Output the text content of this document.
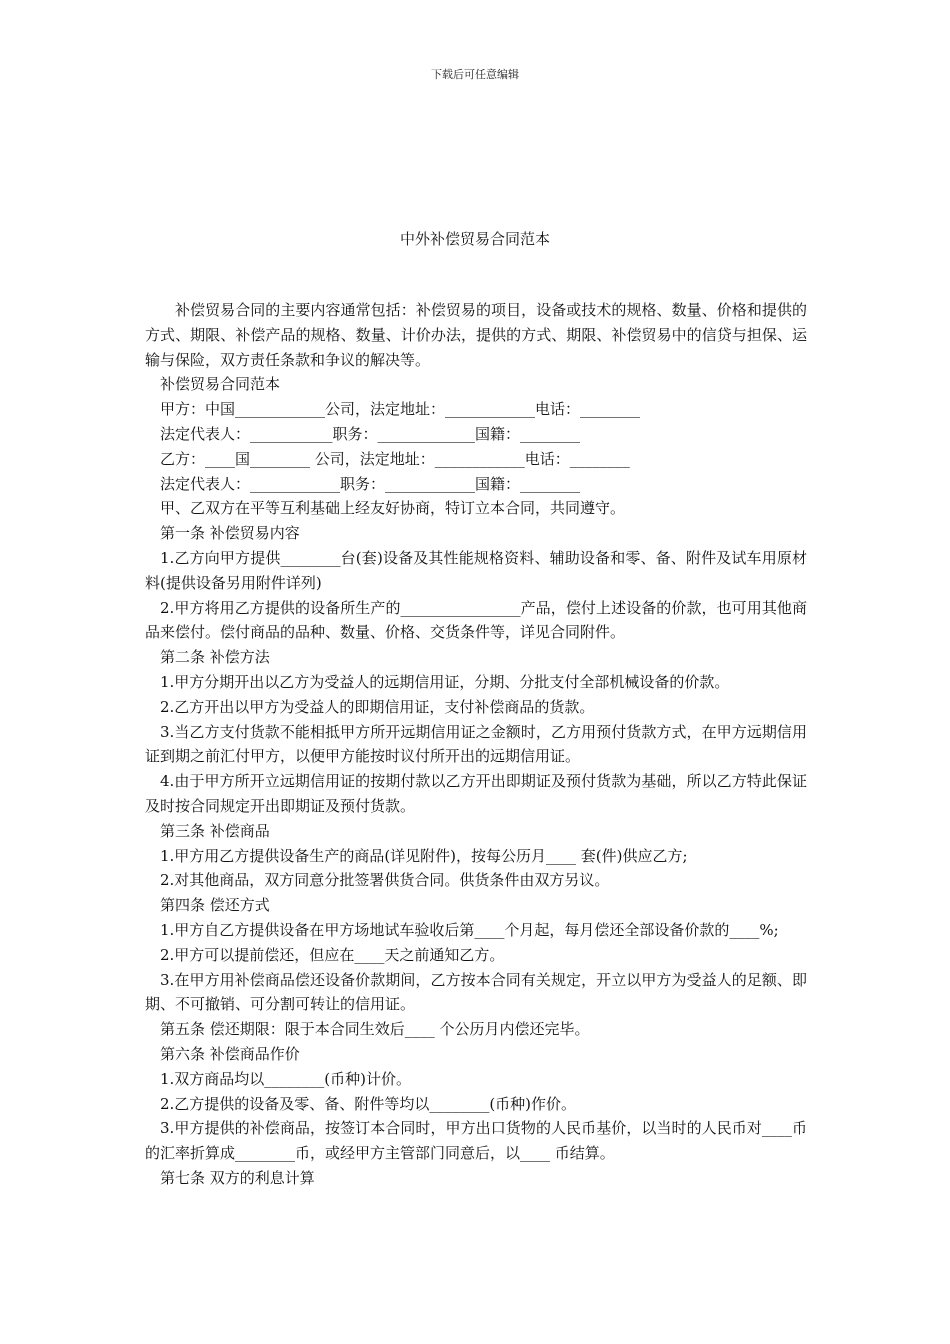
下载后可任意编辑
中外补偿贸易合同范本

补偿贸易合同的主要内容通常包括：补偿贸易的项目，设备或技术的规格、数量、价格和提供的方式、期限、补偿产品的规格、数量、计价办法，提供的方式、期限、补偿贸易中的信贷与担保、运输与保险，双方责任条款和争议的解决等。

补偿贸易合同范本

甲方：中国____________公司，法定地址：____________电话：________

法定代表人：___________职务：_____________国籍：________

乙方：____国________ 公司，法定地址：____________电话：________

法定代表人：____________职务：____________国籍：________

甲、乙双方在平等互利基础上经友好协商，特订立本合同，共同遵守。

第一条 补偿贸易内容

1.乙方向甲方提供________台(套)设备及其性能规格资料、辅助设备和零、备、附件及试车用原材料(提供设备另用附件详列)

2.甲方将用乙方提供的设备所生产的________________产品，偿付上述设备的价款，也可用其他商品来偿付。偿付商品的品种、数量、价格、交货条件等，详见合同附件。

第二条 补偿方法

1.甲方分期开出以乙方为受益人的远期信用证，分期、分批支付全部机械设备的价款。

2.乙方开出以甲方为受益人的即期信用证，支付补偿商品的货款。

3.当乙方支付货款不能相抵甲方所开远期信用证之金额时，乙方用预付货款方式，在甲方远期信用证到期之前汇付甲方，以便甲方能按时议付所开出的远期信用证。

4.由于甲方所开立远期信用证的按期付款以乙方开出即期证及预付货款为基础，所以乙方特此保证及时按合同规定开出即期证及预付货款。

第三条 补偿商品

1.甲方用乙方提供设备生产的商品(详见附件)，按每公历月____ 套(件)供应乙方;

2.对其他商品，双方同意分批签署供货合同。供货条件由双方另议。

第四条 偿还方式

1.甲方自乙方提供设备在甲方场地试车验收后第____个月起，每月偿还全部设备价款的____%;

2.甲方可以提前偿还，但应在____天之前通知乙方。

3.在甲方用补偿商品偿还设备价款期间，乙方按本合同有关规定，开立以甲方为受益人的足额、即期、不可撤销、可分割可转让的信用证。

第五条 偿还期限：限于本合同生效后____ 个公历月内偿还完毕。

第六条 补偿商品作价

1.双方商品均以________(币种)计价。

2.乙方提供的设备及零、备、附件等均以________(币种)作价。

3.甲方提供的补偿商品，按签订本合同时，甲方出口货物的人民币基价，以当时的人民币对____币的汇率折算成________币，或经甲方主管部门同意后，以____ 币结算。

第七条 双方的利息计算
